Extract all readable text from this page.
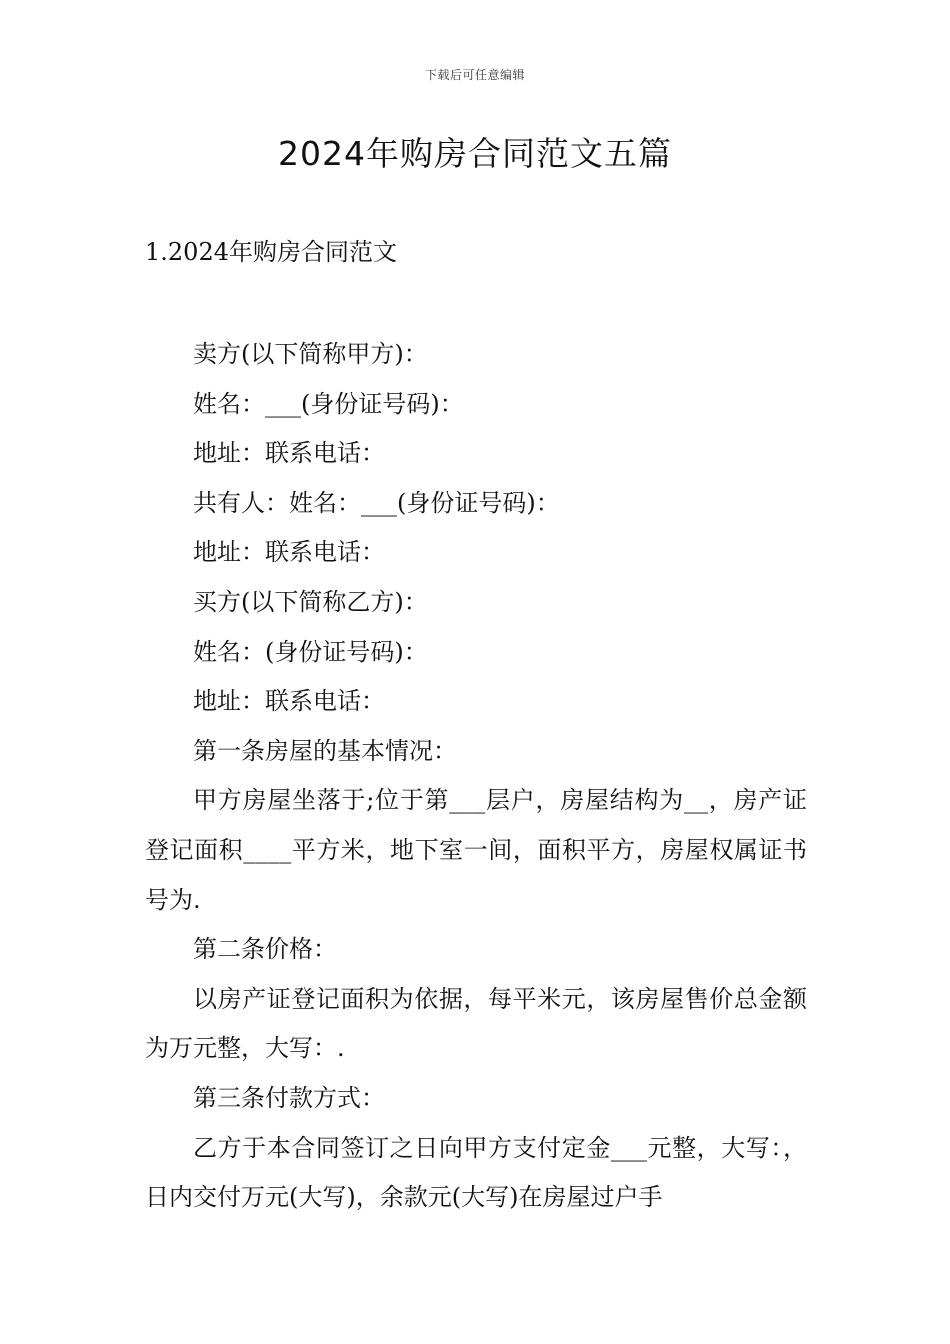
下载后可任意编辑
2024年购房合同范文五篇
1.2024年购房合同范文

卖方(以下简称甲方)：

姓名：___(身份证号码)：

地址：联系电话：

共有人：姓名：___(身份证号码)：

地址：联系电话：

买方(以下简称乙方)：

姓名：(身份证号码)：

地址：联系电话：

第一条房屋的基本情况：

甲方房屋坐落于;位于第___层户，房屋结构为__，房产证登记面积____平方米，地下室一间，面积平方，房屋权属证书号为.

第二条价格：

以房产证登记面积为依据，每平米元，该房屋售价总金额为万元整，大写：.

第三条付款方式：

乙方于本合同签订之日向甲方支付定金___元整，大写：，日内交付万元(大写)，余款元(大写)在房屋过户手
